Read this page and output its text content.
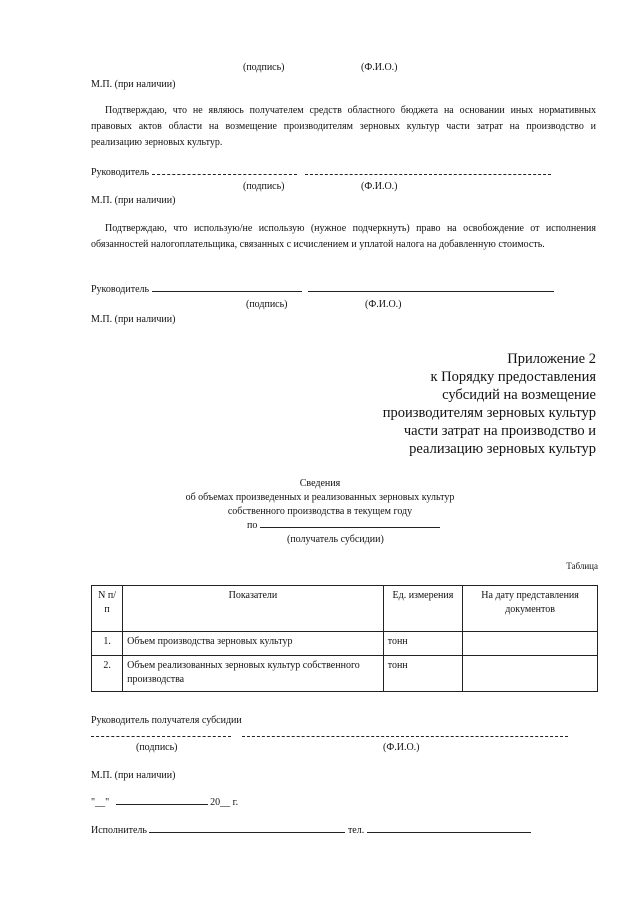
(подпись)	(Ф.И.О.)
М.П. (при наличии)
Подтверждаю, что не являюсь получателем средств областного бюджета на основании иных нормативных правовых актов области на возмещение производителям зерновых культур части затрат на производство и реализацию зерновых культур.
Руководитель
(подпись)	(Ф.И.О.)
М.П. (при наличии)
Подтверждаю, что использую/не использую (нужное подчеркнуть) право на освобождение от исполнения обязанностей налогоплательщика, связанных с исчислением и уплатой налога на добавленную стоимость.
Руководитель
(подпись)	(Ф.И.О.)
М.П. (при наличии)
Приложение 2
к Порядку предоставления
субсидий на возмещение
производителям зерновых культур
части затрат на производство и
реализацию зерновых культур
Сведения
об объемах произведенных и реализованных зерновых культур
собственного производства в текущем году
по
(получатель субсидии)
Таблица
N п/п	Показатели	Ед. измерения	На дату представления документов
1.	Объем производства зерновых культур	тонн	
2.	Объем реализованных зерновых культур собственного производства	тонн	
Руководитель получателя субсидии

(подпись)	(Ф.И.О.)
М.П. (при наличии)
"__"	20__ г.
Исполнитель	тел.
